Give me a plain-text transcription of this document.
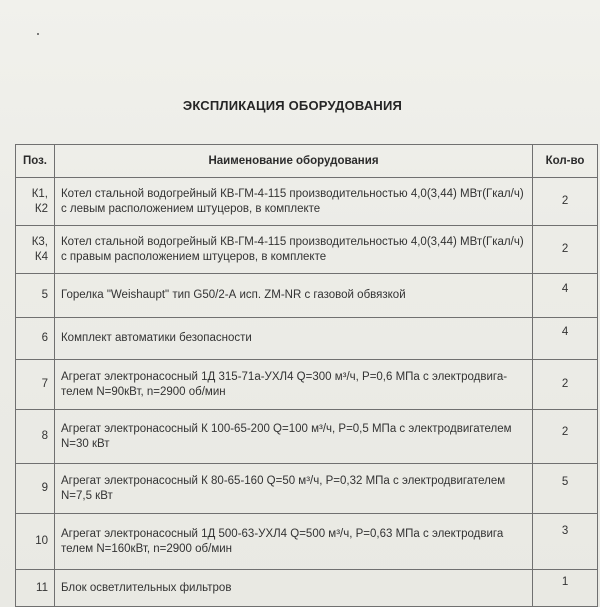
ЭКСПЛИКАЦИЯ ОБОРУДОВАНИЯ
Поз.	Наименование оборудования	Кол-во

К1,
К2	Котел стальной водогрейный КВ-ГМ-4-115 производительностью 4,0(3,44) МВт(Гкал/ч) с левым расположением штуцеров, в комплекте	2

К3,
К4	Котел стальной водогрейный КВ-ГМ-4-115 производительностью 4,0(3,44) МВт(Гкал/ч) с правым расположением штуцеров, в комплекте	2

5	Горелка "Weishaupt" тип G50/2-А исп. ZM-NR с газовой обвязкой	4

6	Комплект автоматики безопасности	4

7	Агрегат электронасосный 1Д 315-71а-УХЛ4 Q=300 м³/ч, P=0,6 МПа с электродвига-телем N=90кВт, n=2900 об/мин	2

8	Агрегат электронасосный К 100-65-200 Q=100 м³/ч, P=0,5 МПа с электродвигателем N=30 кВт	2

9	Агрегат электронасосный К 80-65-160 Q=50 м³/ч, P=0,32 МПа с электродвигателем N=7,5 кВт	5

10	Агрегат электронасосный 1Д 500-63-УХЛ4 Q=500 м³/ч, P=0,63 МПа с электродвига телем N=160кВт, n=2900 об/мин	3

11	Блок осветлительных фильтров	1
